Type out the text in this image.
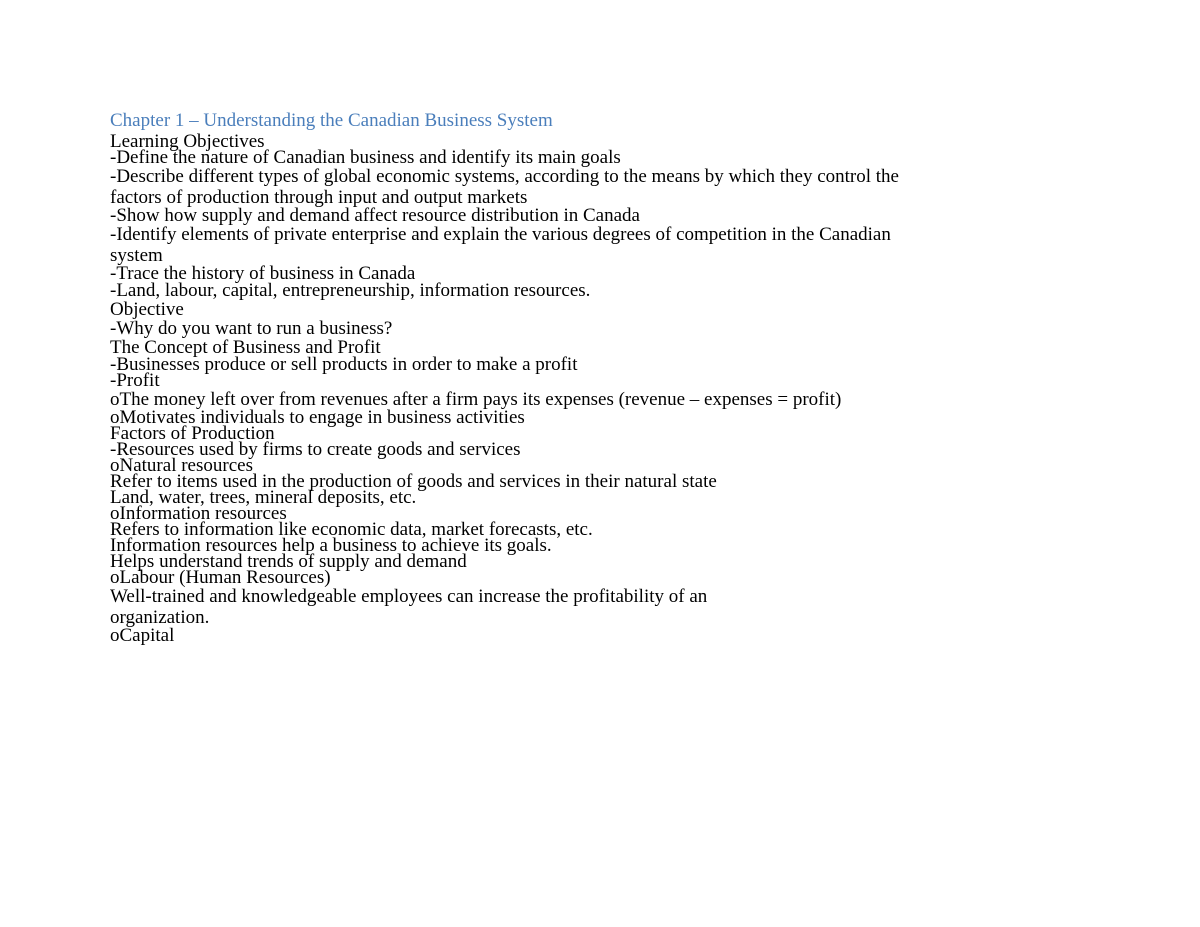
Chapter 1 – Understanding the Canadian Business System
Learning Objectives
-Define the nature of Canadian business and identify its main goals
-Describe different types of global economic systems, according to the means by which they control the factors of production through input and output markets
-Show how supply and demand affect resource distribution in Canada
-Identify elements of private enterprise and explain the various degrees of competition in the Canadian system
-Trace the history of business in Canada
-Land, labour, capital, entrepreneurship, information resources.
Objective
-Why do you want to run a business?
The Concept of Business and Profit
-Businesses produce or sell products in order to make a profit
-Profit
oThe money left over from revenues after a firm pays its expenses (revenue – expenses = profit)
oMotivates individuals to engage in business activities
Factors of Production
-Resources used by firms to create goods and services
oNatural resources
Refer to items used in the production of goods and services in their natural state
Land, water, trees, mineral deposits, etc.
oInformation resources
Refers to information like economic data, market forecasts, etc.
Information resources help a business to achieve its goals.
Helps understand trends of supply and demand
oLabour (Human Resources)
Well-trained and knowledgeable employees can increase the profitability of an organization.
oCapital
